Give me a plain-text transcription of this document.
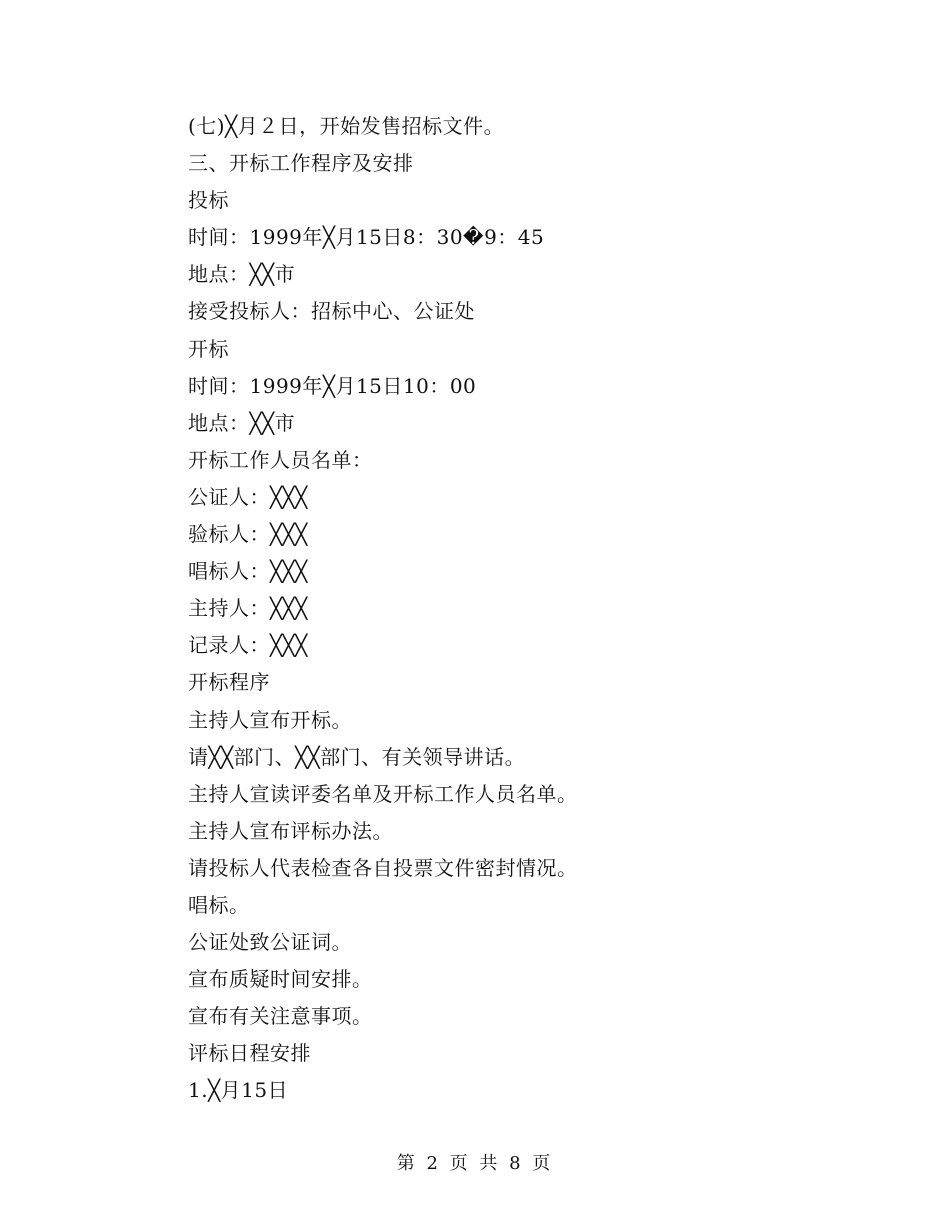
(七)╳月２日，开始发售招标文件。
三、开标工作程序及安排
投标
时间：1999年╳月15日8：30�9：45
地点：╳╳市
接受投标人：招标中心、公证处
开标
时间：1999年╳月15日10：00
地点：╳╳市
开标工作人员名单：
公证人：╳╳╳
验标人：╳╳╳
唱标人：╳╳╳
主持人：╳╳╳
记录人：╳╳╳
开标程序
主持人宣布开标。
请╳╳部门、╳╳部门、有关领导讲话。
主持人宣读评委名单及开标工作人员名单。
主持人宣布评标办法。
请投标人代表检查各自投票文件密封情况。
唱标。
公证处致公证词。
宣布质疑时间安排。
宣布有关注意事项。
评标日程安排
1.╳月15日
第 2 页 共 8 页
